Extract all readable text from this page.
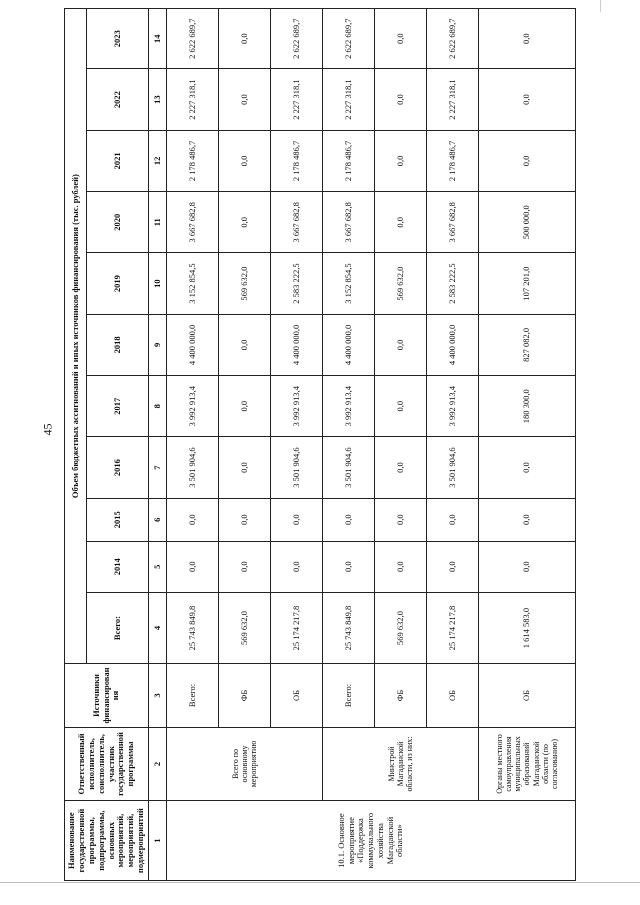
45
Наименование государственной программы, подпрограммы, основных мероприятий, мероприятий, подмероприятий	Ответственный исполнитель, соисполнитель, участник государственной программы	Источники финансирования	Объем бюджетных ассигнований и иных источников финансирования (тыс. рублей)										
			Всего:	2014	2015	2016	2017	2018	2019	2020	2021	2022	2023
1	2	3	4	5	6	7	8	9	10	11	12	13	14
10.1. Основное мероприятие «Поддержка коммунального хозяйства Магаданской области»	Всего по основному мероприятию	Всего:	25 743 849,8	0,0	0,0	3 501 904,6	3 992 913,4	4 400 000,0	3 152 854,5	3 667 682,8	2 178 486,7	2 227 318,1	2 622 689,7
		ФБ	569 632,0	0,0	0,0	0,0	0,0	0,0	569 632,0	0,0	0,0	0,0	0,0
		ОБ	25 174 217,8	0,0	0,0	3 501 904,6	3 992 913,4	4 400 000,0	2 583 222,5	3 667 682,8	2 178 486,7	2 227 318,1	2 622 689,7
	Минстрой Магаданской области, из них:	Всего:	25 743 849,8	0,0	0,0	3 501 904,6	3 992 913,4	4 400 000,0	3 152 854,5	3 667 682,8	2 178 486,7	2 227 318,1	2 622 689,7
		ФБ	569 632,0	0,0	0,0	0,0	0,0	0,0	569 632,0	0,0	0,0	0,0	0,0
		ОБ	25 174 217,8	0,0	0,0	3 501 904,6	3 992 913,4	4 400 000,0	2 583 222,5	3 667 682,8	2 178 486,7	2 227 318,1	2 622 689,7
	Органы местного самоуправления муниципальных образований Магаданской области (по согласованию)	ОБ	1 614 583,0	0,0	0,0	0,0	180 300,0	827 082,0	107 201,0	500 000,0	0,0	0,0	0,0
